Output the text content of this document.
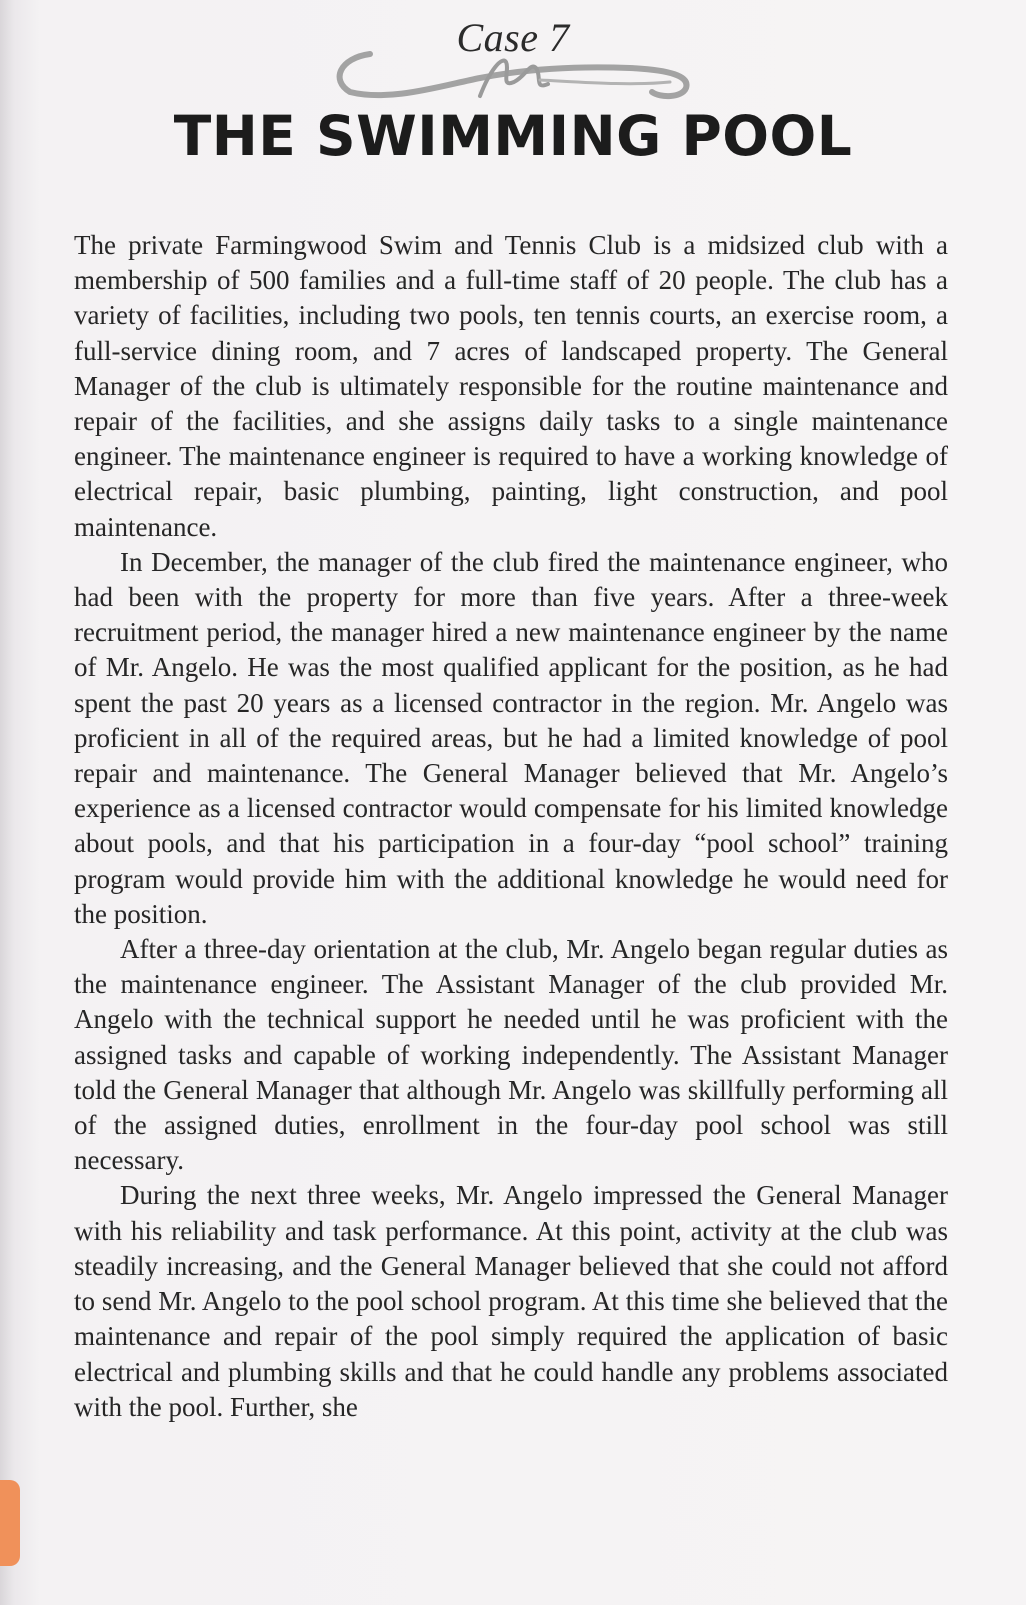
Case 7
THE SWIMMING POOL

The private Farmingwood Swim and Tennis Club is a midsized club with a membership of 500 families and a full-time staff of 20 people. The club has a variety of facilities, including two pools, ten tennis courts, an exercise room, a full-service dining room, and 7 acres of landscaped property. The General Manager of the club is ultimately responsible for the routine maintenance and repair of the facilities, and she assigns daily tasks to a single maintenance engineer. The maintenance engineer is required to have a working knowledge of electrical repair, basic plumbing, painting, light construction, and pool maintenance.

In December, the manager of the club fired the maintenance engineer, who had been with the property for more than five years. After a three-week recruitment period, the manager hired a new maintenance engineer by the name of Mr. Angelo. He was the most qualified applicant for the position, as he had spent the past 20 years as a licensed contractor in the region. Mr. Angelo was proficient in all of the required areas, but he had a limited knowledge of pool repair and maintenance. The General Manager believed that Mr. Angelo’s experience as a licensed contractor would compensate for his limited knowledge about pools, and that his participation in a four-day “pool school” training program would provide him with the additional knowledge he would need for the position.

After a three-day orientation at the club, Mr. Angelo began regular duties as the maintenance engineer. The Assistant Manager of the club provided Mr. Angelo with the technical support he needed until he was proficient with the assigned tasks and capable of working independently. The Assistant Manager told the General Manager that although Mr. Angelo was skillfully performing all of the assigned duties, enrollment in the four-day pool school was still necessary.

During the next three weeks, Mr. Angelo impressed the General Manager with his reliability and task performance. At this point, activity at the club was steadily increasing, and the General Manager believed that she could not afford to send Mr. Angelo to the pool school program. At this time she believed that the maintenance and repair of the pool simply required the application of basic electrical and plumbing skills and that he could handle any problems associated with the pool. Further, she
